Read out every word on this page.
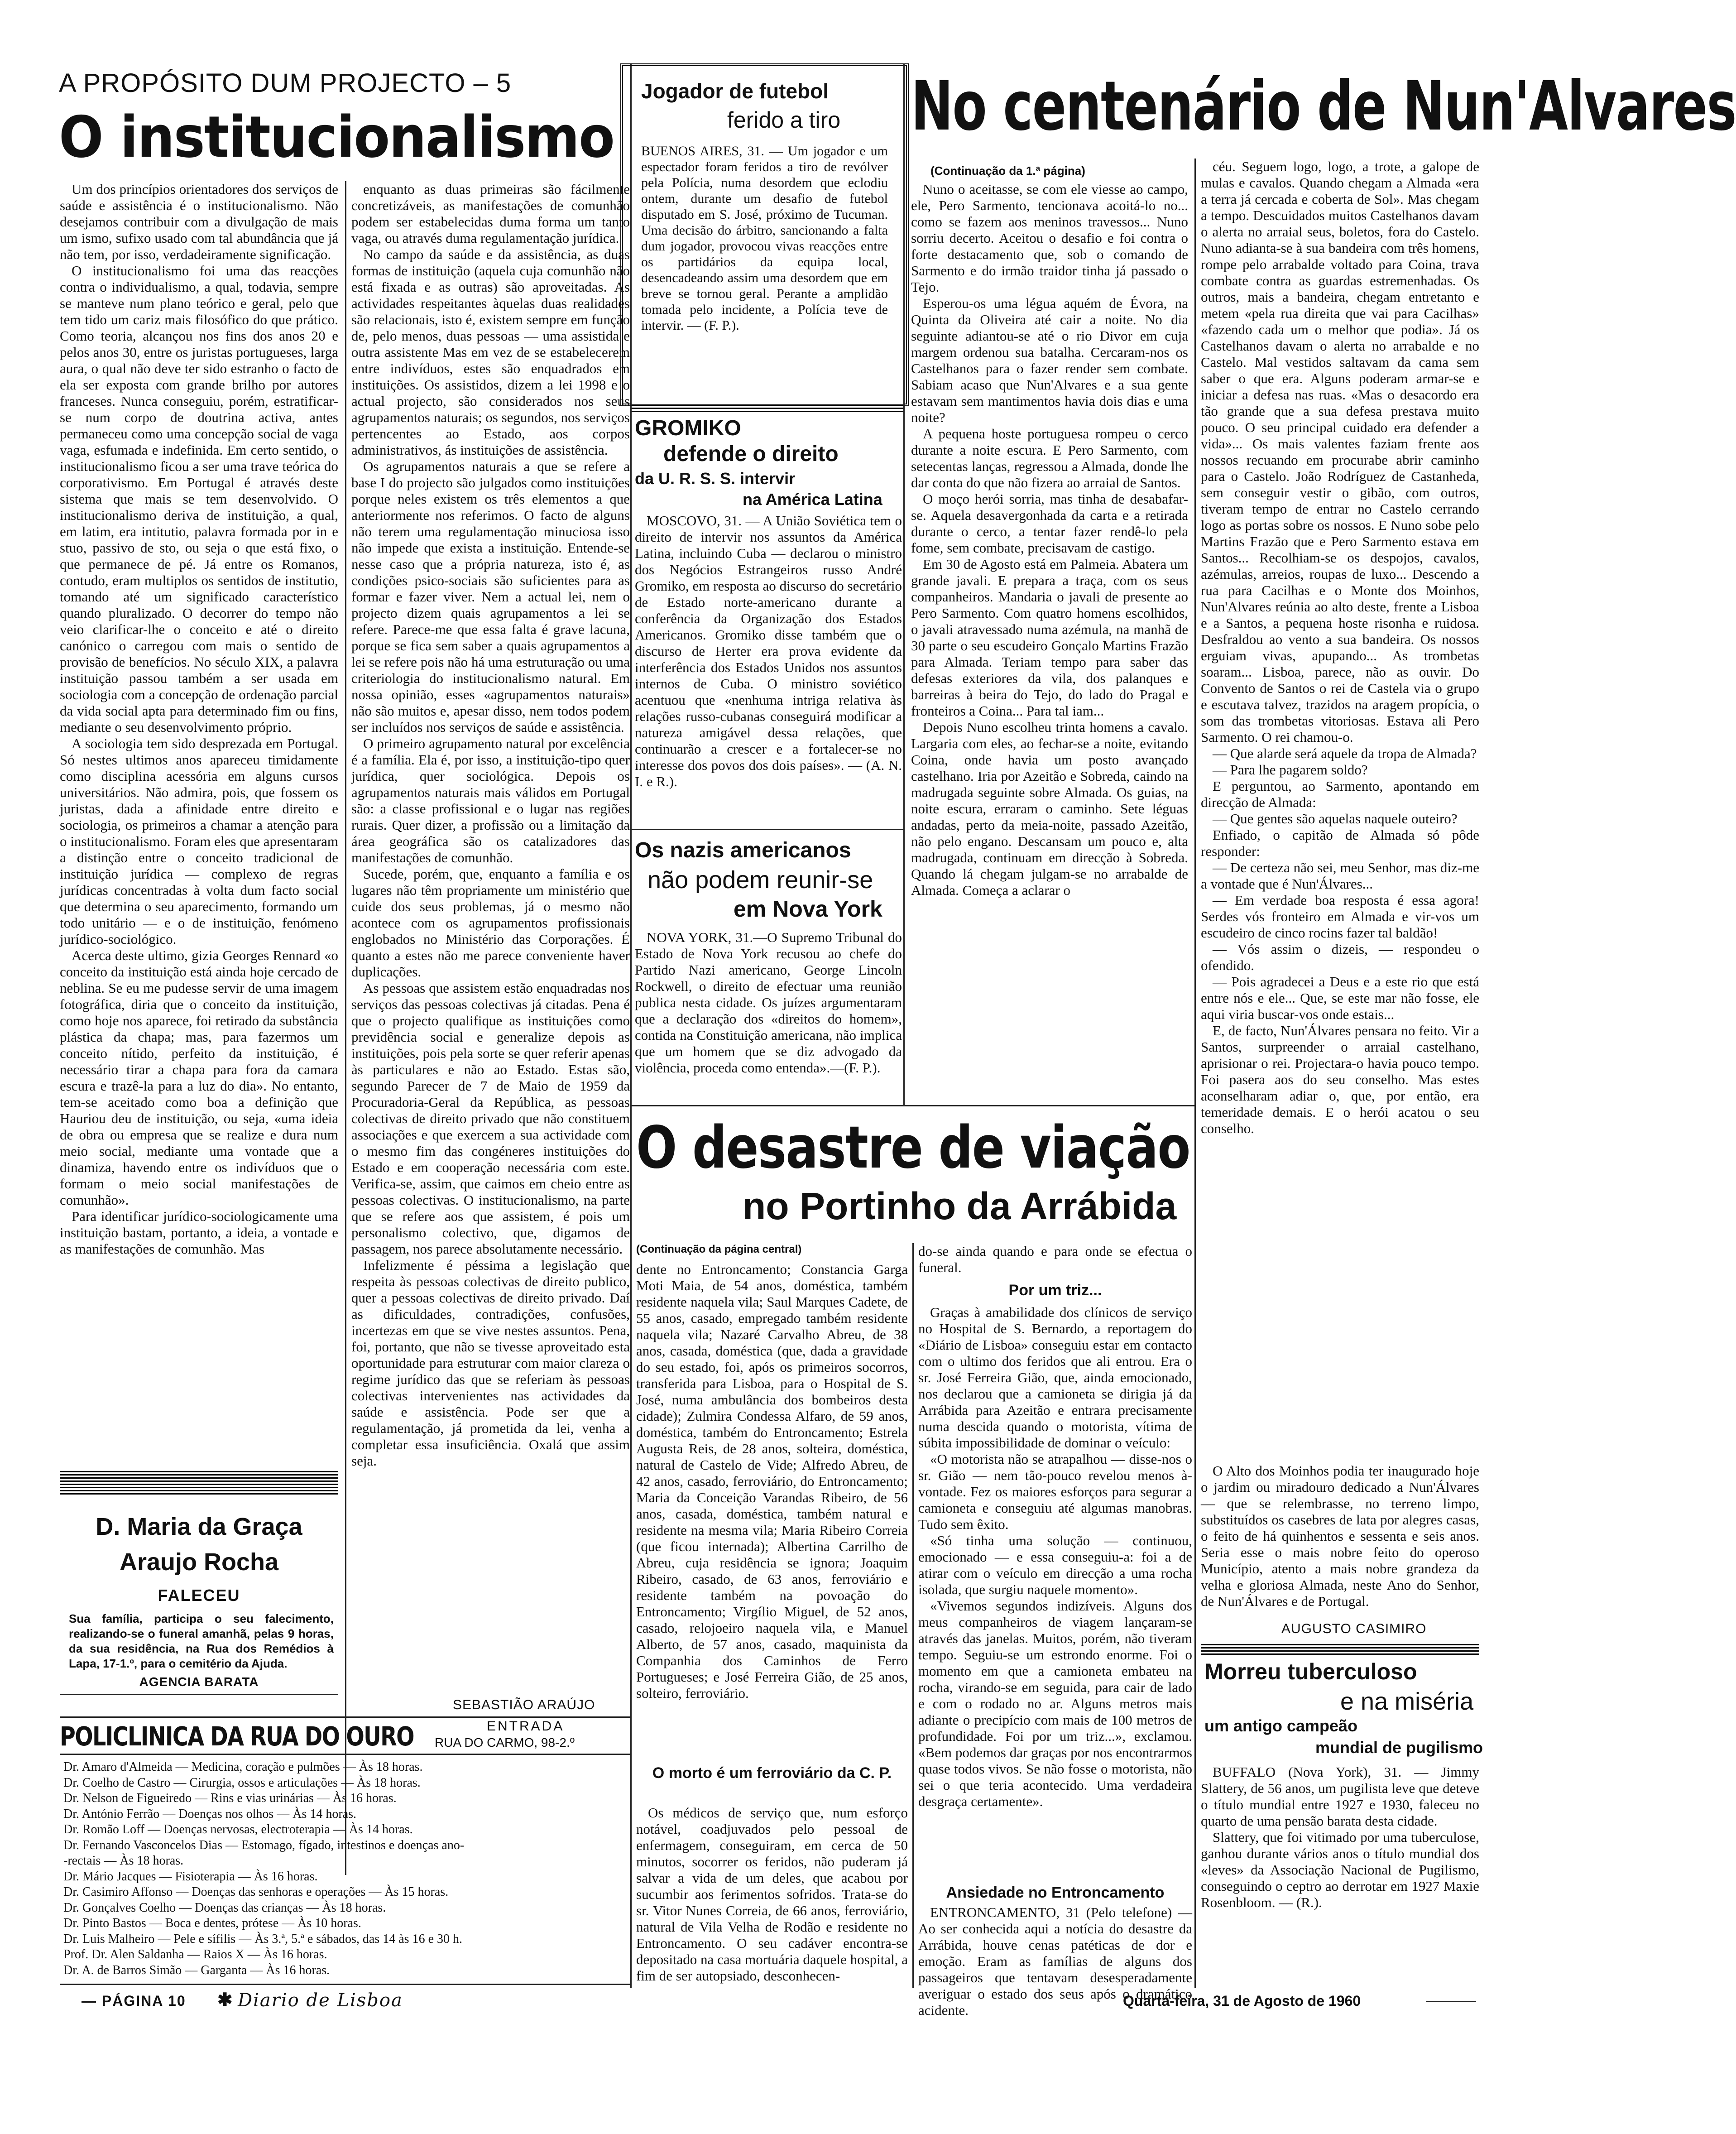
A PROPÓSITO DUM PROJECTO – 5
O institucionalismo

Um dos princípios orientadores dos serviços de saúde e assistência é o institucionalismo. Não desejamos contribuir com a divulgação de mais um ismo, sufixo usado com tal abundância que já não tem, por isso, verdadeiramente significação.

O institucionalismo foi uma das reacções contra o individualismo, a qual, todavia, sempre se manteve num plano teórico e geral, pelo que tem tido um cariz mais filosófico do que prático. Como teoria, alcançou nos fins dos anos 20 e pelos anos 30, entre os juristas portugueses, larga aura, o qual não deve ter sido estranho o facto de ela ser exposta com grande brilho por autores franceses. Nunca conseguiu, porém, estratificar-se num corpo de doutrina activa, antes permaneceu como uma concepção social de vaga vaga, esfumada e indefinida. Em certo sentido, o institucionalismo ficou a ser uma trave teórica do corporativismo. Em Portugal é através deste sistema que mais se tem desenvolvido. O institucionalismo deriva de instituição, a qual, em latim, era intitutio, palavra formada por in e stuo, passivo de sto, ou seja o que está fixo, o que permanece de pé. Já entre os Romanos, contudo, eram multiplos os sentidos de institutio, tomando até um significado característico quando pluralizado. O decorrer do tempo não veio clarificar-lhe o conceito e até o direito canónico o carregou com mais o sentido de provisão de benefícios. No século XIX, a palavra instituição passou também a ser usada em sociologia com a concepção de ordenação parcial da vida social apta para determinado fim ou fins, mediante o seu desenvolvimento próprio.

A sociologia tem sido desprezada em Portugal. Só nestes ultimos anos apareceu timidamente como disciplina acessória em alguns cursos universitários. Não admira, pois, que fossem os juristas, dada a afinidade entre direito e sociologia, os primeiros a chamar a atenção para o institucionalismo. Foram eles que apresentaram a distinção entre o conceito tradicional de instituição jurídica — complexo de regras jurídicas concentradas à volta dum facto social que determina o seu aparecimento, formando um todo unitário — e o de instituição, fenómeno jurídico-sociológico.

Acerca deste ultimo, gizia Georges Rennard «o conceito da instituição está ainda hoje cercado de neblina. Se eu me pudesse servir de uma imagem fotográfica, diria que o conceito da instituição, como hoje nos aparece, foi retirado da substância plástica da chapa; mas, para fazermos um conceito nítido, perfeito da instituição, é necessário tirar a chapa para fora da camara escura e trazê-la para a luz do dia». No entanto, tem-se aceitado como boa a definição que Hauriou deu de instituição, ou seja, «uma ideia de obra ou empresa que se realize e dura num meio social, mediante uma vontade que a dinamiza, havendo entre os indivíduos que o formam o meio social manifestações de comunhão».

Para identificar jurídico-sociologicamente uma instituição bastam, portanto, a ideia, a vontade e as manifestações de comunhão. Mas

enquanto as duas primeiras são fácilmente concretizáveis, as manifestações de comunhão podem ser estabelecidas duma forma um tanto vaga, ou através duma regulamentação jurídica.

No campo da saúde e da assistência, as duas formas de instituição (aquela cuja comunhão não está fixada e as outras) são aproveitadas. As actividades respeitantes àquelas duas realidades são relacionais, isto é, existem sempre em função de, pelo menos, duas pessoas — uma assistida e outra assistente Mas em vez de se estabelecerem entre indivíduos, estes são enquadrados em instituições. Os assistidos, dizem a lei 1998 e o actual projecto, são considerados nos seus agrupamentos naturais; os segundos, nos serviços pertencentes ao Estado, aos corpos administrativos, ás instituições de assistência.

Os agrupamentos naturais a que se refere a base I do projecto são julgados como instituições porque neles existem os três elementos a que anteriormente nos referimos. O facto de alguns não terem uma regulamentação minuciosa isso não impede que exista a instituição. Entende-se nesse caso que a própria natureza, isto é, as condições psico-sociais são suficientes para as formar e fazer viver. Nem a actual lei, nem o projecto dizem quais agrupamentos a lei se refere. Parece-me que essa falta é grave lacuna, porque se fica sem saber a quais agrupamentos a lei se refere pois não há uma estruturação ou uma criteriologia do institucionalismo natural. Em nossa opinião, esses «agrupamentos naturais» não são muitos e, apesar disso, nem todos podem ser incluídos nos serviços de saúde e assistência.

O primeiro agrupamento natural por excelência é a família. Ela é, por isso, a instituição-tipo quer jurídica, quer sociológica. Depois os agrupamentos naturais mais válidos em Portugal são: a classe profissional e o lugar nas regiões rurais. Quer dizer, a profissão ou a limitação da área geográfica são os catalizadores das manifestações de comunhão.

Sucede, porém, que, enquanto a família e os lugares não têm propriamente um ministério que cuide dos seus problemas, já o mesmo não acontece com os agrupamentos profissionais englobados no Ministério das Corporações. É quanto a estes não me parece conveniente haver duplicações.

As pessoas que assistem estão enquadradas nos serviços das pessoas colectivas já citadas. Pena é que o projecto qualifique as instituições como previdência social e generalize depois as instituições, pois pela sorte se quer referir apenas às particulares e não ao Estado. Estas são, segundo Parecer de 7 de Maio de 1959 da Procuradoria-Geral da República, as pessoas colectivas de direito privado que não constituem associações e que exercem a sua actividade com o mesmo fim das congéneres instituições do Estado e em cooperação necessária com este. Verifica-se, assim, que caimos em cheio entre as pessoas colectivas. O institucionalismo, na parte que se refere aos que assistem, é pois um personalismo colectivo, que, digamos de passagem, nos parece absolutamente necessário.

Infelizmente é péssima a legislação que respeita às pessoas colectivas de direito publico, quer a pessoas colectivas de direito privado. Daí as dificuldades, contradições, confusões, incertezas em que se vive nestes assuntos. Pena, foi, portanto, que não se tivesse aproveitado esta oportunidade para estruturar com maior clareza o regime jurídico das que se referiam às pessoas colectivas intervenientes nas actividades da saúde e assistência. Pode ser que a regulamentação, já prometida da lei, venha a completar essa insuficiência. Oxalá que assim seja.

SEBASTIÃO ARAÚJO
D. Maria da Graça
Araujo Rocha
FALECEU
Sua família, participa o seu falecimento, realizando-se o funeral amanhã, pelas 9 horas, da sua residência, na Rua dos Remédios à Lapa, 17-1.º, para o cemitério da Ajuda.
AGENCIA BARATA
POLICLINICA DA RUA DO OURO	ENTRADA
RUA DO CARMO, 98-2.º
Dr. Amaro d'Almeida — Medicina, coração e pulmões — Às 18 horas.
Dr. Coelho de Castro — Cirurgia, ossos e articulações — Às 18 horas.
Dr. Nelson de Figueiredo — Rins e vias urinárias — Às 16 horas.
Dr. António Ferrão — Doenças nos olhos — Às 14 horas.
Dr. Romão Loff — Doenças nervosas, electroterapia — Às 14 horas.
Dr. Fernando Vasconcelos Dias — Estomago, fígado, intestinos e doenças ano-
-rectais — Às 18 horas.
Dr. Mário Jacques — Fisioterapia — Às 16 horas.
Dr. Casimiro Affonso — Doenças das senhoras e operações — Às 15 horas.
Dr. Gonçalves Coelho — Doenças das crianças — Às 18 horas.
Dr. Pinto Bastos — Boca e dentes, prótese — Às 10 horas.
Dr. Luis Malheiro — Pele e sífilis — Às 3.ª, 5.ª e sábados, das 14 às 16 e 30 h.
Prof. Dr. Alen Saldanha — Raios X — Às 16 horas.
Dr. A. de Barros Simão — Garganta — Às 16 horas.
Jogador de futebol
ferido a tiro
BUENOS AIRES, 31. — Um jogador e um espectador foram feridos a tiro de revólver pela Polícia, numa desordem que eclodiu ontem, durante um desafio de futebol disputado em S. José, próximo de Tucuman. Uma decisão do árbitro, sancionando a falta dum jogador, provocou vivas reacções entre os partidários da equipa local, desencadeando assim uma desordem que em breve se tornou geral. Perante a amplidão tomada pelo incidente, a Polícia teve de intervir. — (F. P.).
GROMIKO
defende o direito
da U. R. S. S. intervir
na América Latina
MOSCOVO, 31. — A União Soviética tem o direito de intervir nos assuntos da América Latina, incluindo Cuba — declarou o ministro dos Negócios Estrangeiros russo André Gromiko, em resposta ao discurso do secretário de Estado norte-americano durante a conferência da Organização dos Estados Americanos. Gromiko disse também que o discurso de Herter era prova evidente da interferência dos Estados Unidos nos assuntos internos de Cuba. O ministro soviético acentuou que «nenhuma intriga relativa às relações russo-cubanas conseguirá modificar a natureza amigável dessa relações, que continuarão a crescer e a fortalecer-se no interesse dos povos dos dois países». — (A. N. I. e R.).
Os nazis americanos
não podem reunir-se
em Nova York
NOVA YORK, 31.—O Supremo Tribunal do Estado de Nova York recusou ao chefe do Partido Nazi americano, George Lincoln Rockwell, o direito de efectuar uma reunião publica nesta cidade. Os juízes argumentaram que a declaração dos «direitos do homem», contida na Constituição americana, não implica que um homem que se diz advogado da violência, proceda como entenda».—(F. P.).
No centenário de Nun'Alvares
(Continuação da 1.ª página)

Nuno o aceitasse, se com ele viesse ao campo, ele, Pero Sarmento, tencionava acoitá-lo no... como se fazem aos meninos travessos... Nuno sorriu decerto. Aceitou o desafio e foi contra o forte destacamento que, sob o comando de Sarmento e do irmão traidor tinha já passado o Tejo.

Esperou-os uma légua aquém de Évora, na Quinta da Oliveira até cair a noite. No dia seguinte adiantou-se até o rio Divor em cuja margem ordenou sua batalha. Cercaram-nos os Castelhanos para o fazer render sem combate. Sabiam acaso que Nun'Alvares e a sua gente estavam sem mantimentos havia dois dias e uma noite?

A pequena hoste portuguesa rompeu o cerco durante a noite escura. E Pero Sarmento, com setecentas lanças, regressou a Almada, donde lhe dar conta do que não fizera ao arraial de Santos.

O moço herói sorria, mas tinha de desabafar-se. Aquela desavergonhada da carta e a retirada durante o cerco, a tentar fazer rendê-lo pela fome, sem combate, precisavam de castigo.

Em 30 de Agosto está em Palmeia. Abatera um grande javali. E prepara a traça, com os seus companheiros. Mandaria o javali de presente ao Pero Sarmento. Com quatro homens escolhidos, o javali atravessado numa azémula, na manhã de 30 parte o seu escudeiro Gonçalo Martins Frazão para Almada. Teriam tempo para saber das defesas exteriores da vila, dos palanques e barreiras à beira do Tejo, do lado do Pragal e fronteiros a Coina... Para tal iam...

Depois Nuno escolheu trinta homens a cavalo. Largaria com eles, ao fechar-se a noite, evitando Coina, onde havia um posto avançado castelhano. Iria por Azeitão e Sobreda, caindo na madrugada seguinte sobre Almada. Os guias, na noite escura, erraram o caminho. Sete léguas andadas, perto da meia-noite, passado Azeitão, não pelo engano. Descansam um pouco e, alta madrugada, continuam em direcção à Sobreda. Quando lá chegam julgam-se no arrabalde de Almada. Começa a aclarar o

céu. Seguem logo, logo, a trote, a galope de mulas e cavalos. Quando chegam a Almada «era a terra já cercada e coberta de Sol». Mas chegam a tempo. Descuidados muitos Castelhanos davam o alerta no arraial seus, boletos, fora do Castelo. Nuno adianta-se à sua bandeira com três homens, rompe pelo arrabalde voltado para Coina, trava combate contra as guardas estremenhadas. Os outros, mais a bandeira, chegam entretanto e metem «pela rua direita que vai para Cacilhas» «fazendo cada um o melhor que podia». Já os Castelhanos davam o alerta no arrabalde e no Castelo. Mal vestidos saltavam da cama sem saber o que era. Alguns poderam armar-se e iniciar a defesa nas ruas. «Mas o desacordo era tão grande que a sua defesa prestava muito pouco. O seu principal cuidado era defender a vida»... Os mais valentes faziam frente aos nossos recuando em procurabe abrir caminho para o Castelo. João Rodríguez de Castanheda, sem conseguir vestir o gibão, com outros, tiveram tempo de entrar no Castelo cerrando logo as portas sobre os nossos. E Nuno sobe pelo Martins Frazão que e Pero Sarmento estava em Santos... Recolhiam-se os despojos, cavalos, azémulas, arreios, roupas de luxo... Descendo a rua para Cacilhas e o Monte dos Moinhos, Nun'Alvares reúnia ao alto deste, frente a Lisboa e a Santos, a pequena hoste risonha e ruidosa. Desfraldou ao vento a sua bandeira. Os nossos erguiam vivas, apupando... As trombetas soaram... Lisboa, parece, não as ouvir. Do Convento de Santos o rei de Castela via o grupo e escutava talvez, trazidos na aragem propícia, o som das trombetas vitoriosas. Estava ali Pero Sarmento. O rei chamou-o.

— Que alarde será aquele da tropa de Almada?

— Para lhe pagarem soldo?

E perguntou, ao Sarmento, apontando em direcção de Almada:

— Que gentes são aquelas naquele outeiro?

Enfiado, o capitão de Almada só pôde responder:

— De certeza não sei, meu Senhor, mas diz-me a vontade que é Nun'Álvares...

— Em verdade boa resposta é essa agora! Serdes vós fronteiro em Almada e vir-vos um escudeiro de cinco rocins fazer tal baldão!

— Vós assim o dizeis, — respondeu o ofendido.

— Pois agradecei a Deus e a este rio que está entre nós e ele... Que, se este mar não fosse, ele aqui viria buscar-vos onde estais...

E, de facto, Nun'Álvares pensara no feito. Vir a Santos, surpreender o arraial castelhano, aprisionar o rei. Projectara-o havia pouco tempo. Foi pasera aos do seu conselho. Mas estes aconselharam adiar o, que, por então, era temeridade demais. E o herói acatou o seu conselho.

O Alto dos Moinhos podia ter inaugurado hoje o jardim ou miradouro dedicado a Nun'Álvares — que se relembrasse, no terreno limpo, substituídos os casebres de lata por alegres casas, o feito de há quinhentos e sessenta e seis anos. Seria esse o mais nobre feito do operoso Município, atento a mais nobre grandeza da velha e gloriosa Almada, neste Ano do Senhor, de Nun'Álvares e de Portugal.

AUGUSTO CASIMIRO
Morreu tuberculoso
e na miséria
um antigo campeão
mundial de pugilismo

BUFFALO (Nova York), 31. — Jimmy Slattery, de 56 anos, um pugilista leve que deteve o título mundial entre 1927 e 1930, faleceu no quarto de uma pensão barata desta cidade.

Slattery, que foi vitimado por uma tuberculose, ganhou durante vários anos o título mundial dos «leves» da Associação Nacional de Pugilismo, conseguindo o ceptro ao derrotar em 1927 Maxie Rosenbloom. — (R.).

O desastre de viação
no Portinho da Arrábida
(Continuação da página central)

dente no Entroncamento; Constancia Garga Moti Maia, de 54 anos, doméstica, também residente naquela vila; Saul Marques Cadete, de 55 anos, casado, empregado também residente naquela vila; Nazaré Carvalho Abreu, de 38 anos, casada, doméstica (que, dada a gravidade do seu estado, foi, após os primeiros socorros, transferida para Lisboa, para o Hospital de S. José, numa ambulância dos bombeiros desta cidade); Zulmira Condessa Alfaro, de 59 anos, doméstica, também do Entroncamento; Estrela Augusta Reis, de 28 anos, solteira, doméstica, natural de Castelo de Vide; Alfredo Abreu, de 42 anos, casado, ferroviário, do Entroncamento; Maria da Conceição Varandas Ribeiro, de 56 anos, casada, doméstica, também natural e residente na mesma vila; Maria Ribeiro Correia (que ficou internada); Albertina Carrilho de Abreu, cuja residência se ignora; Joaquim Ribeiro, casado, de 63 anos, ferroviário e residente também na povoação do Entroncamento; Virgílio Miguel, de 52 anos, casado, relojoeiro naquela vila, e Manuel Alberto, de 57 anos, casado, maquinista da Companhia dos Caminhos de Ferro Portugueses; e José Ferreira Gião, de 25 anos, solteiro, ferroviário.

O morto é um ferroviário da C. P.

Os médicos de serviço que, num esforço notável, coadjuvados pelo pessoal de enfermagem, conseguiram, em cerca de 50 minutos, socorrer os feridos, não puderam já salvar a vida de um deles, que acabou por sucumbir aos ferimentos sofridos. Trata-se do sr. Vitor Nunes Correia, de 66 anos, ferroviário, natural de Vila Velha de Rodão e residente no Entroncamento. O seu cadáver encontra-se depositado na casa mortuária daquele hospital, a fim de ser autopsiado, desconhecen-

do-se ainda quando e para onde se efectua o funeral.

Por um triz...

Graças à amabilidade dos clínicos de serviço no Hospital de S. Bernardo, a reportagem do «Diário de Lisboa» conseguiu estar em contacto com o ultimo dos feridos que ali entrou. Era o sr. José Ferreira Gião, que, ainda emocionado, nos declarou que a camioneta se dirigia já da Arrábida para Azeitão e entrara precisamente numa descida quando o motorista, vítima de súbita impossibilidade de dominar o veículo:

«O motorista não se atrapalhou — disse-nos o sr. Gião — nem tão-pouco revelou menos à-vontade. Fez os maiores esforços para segurar a camioneta e conseguiu até algumas manobras. Tudo sem êxito.

«Só tinha uma solução — continuou, emocionado — e essa conseguiu-a: foi a de atirar com o veículo em direcção a uma rocha isolada, que surgiu naquele momento».

«Vivemos segundos indizíveis. Alguns dos meus companheiros de viagem lançaram-se através das janelas. Muitos, porém, não tiveram tempo. Seguiu-se um estrondo enorme. Foi o momento em que a camioneta embateu na rocha, virando-se em seguida, para cair de lado e com o rodado no ar. Alguns metros mais adiante o precipício com mais de 100 metros de profundidade. Foi por um triz...», exclamou. «Bem podemos dar graças por nos encontrarmos quase todos vivos. Se não fosse o motorista, não sei o que teria acontecido. Uma verdadeira desgraça certamente».

Ansiedade no Entroncamento

ENTRONCAMENTO, 31 (Pelo telefone) — Ao ser conhecida aqui a notícia do desastre da Arrábida, houve cenas patéticas de dor e emoção. Eram as famílias de alguns dos passageiros que tentavam desesperadamente averiguar o estado dos seus após o dramático acidente.

— PÁGINA 10 ✱ Diario de Lisboa	Quarta-feira, 31 de Agosto de 1960
